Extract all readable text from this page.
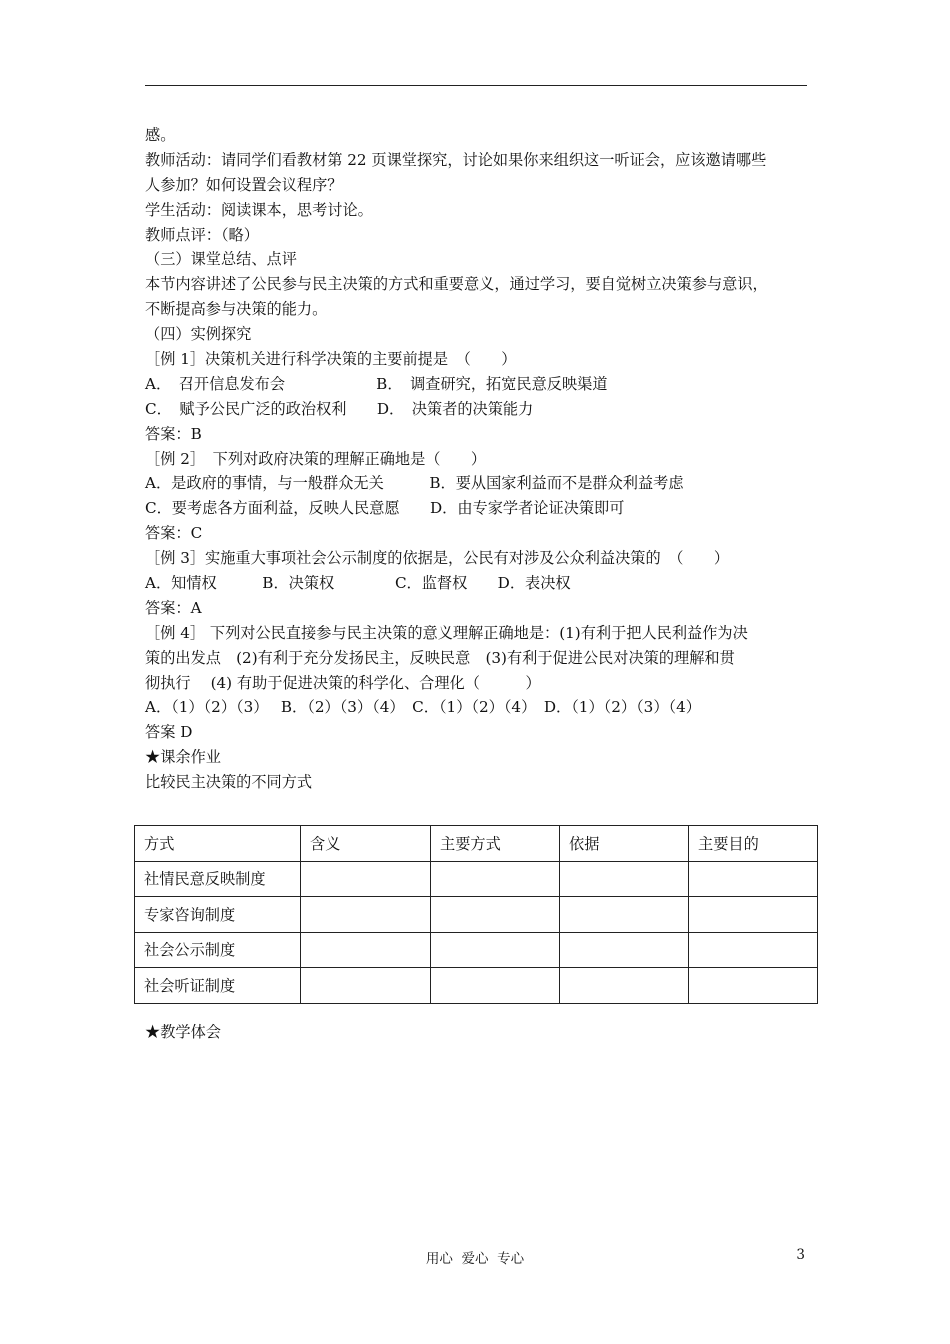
感。
教师活动：请同学们看教材第 22 页课堂探究，讨论如果你来组织这一听证会，应该邀请哪些
人参加？如何设置会议程序？
学生活动：阅读课本，思考讨论。
教师点评：（略）
（三）课堂总结、点评
本节内容讲述了公民参与民主决策的方式和重要意义，通过学习，要自觉树立决策参与意识，
不断提高参与决策的能力。
（四）实例探究
［例 1］决策机关进行科学决策的主要前提是　（　　）
A．　召开信息发布会　　　　　　B．　调查研究，拓宽民意反映渠道
C．　赋予公民广泛的政治权利　　D．　决策者的决策能力
答案：B
［例 2］　下列对政府决策的理解正确地是（　　）
A．是政府的事情，与一般群众无关　　　B．要从国家利益而不是群众利益考虑
C．要考虑各方面利益，反映人民意愿　　D．由专家学者论证决策即可
答案：C
［例 3］实施重大事项社会公示制度的依据是，公民有对涉及公众利益决策的　（　　）
A．知情权　　　B．决策权　　　　C．监督权　　D．表决权
答案：A
［例 4］ 下列对公民直接参与民主决策的意义理解正确地是：(1)有利于把人民利益作为决
策的出发点　(2)有利于充分发扬民主，反映民意　(3)有利于促进公民对决策的理解和贯
彻执行　 (4) 有助于促进决策的科学化、合理化（　　　）
A．（1）（2）（3）　 B．（2）（3）（4）　C．（1）（2）（4）　D．（1）（2）（3）（4）
答案 D
★课余作业
比较民主决策的不同方式
方式	含义	主要方式	依据	主要目的
社情民意反映制度				
专家咨询制度				
社会公示制度				
社会听证制度				
★教学体会
用心  爱心  专心	3
